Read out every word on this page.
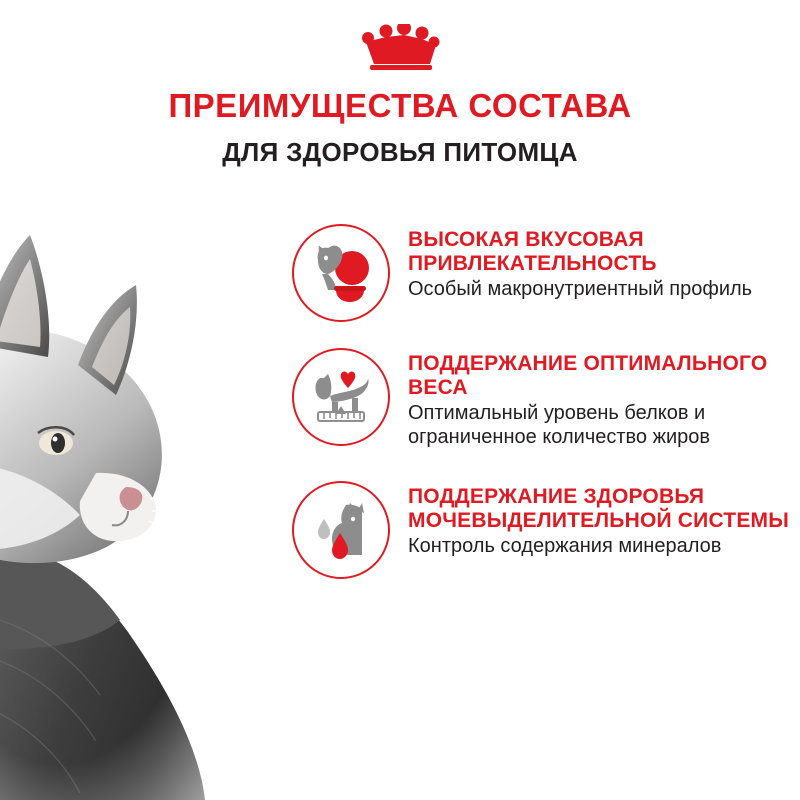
ПРЕИМУЩЕСТВА СОСТАВА
ДЛЯ ЗДОРОВЬЯ ПИТОМЦА

ВЫСОКАЯ ВКУСОВАЯ ПРИВЛЕКАТЕЛЬНОСТЬ

Особый макронутриентный профиль

ПОДДЕРЖАНИЕ ОПТИМАЛЬНОГО ВЕСА

Оптимальный уровень белков и ограниченное количество жиров

ПОДДЕРЖАНИЕ ЗДОРОВЬЯ МОЧЕВЫДЕЛИТЕЛЬНОЙ СИСТЕМЫ

Контроль содержания минералов
